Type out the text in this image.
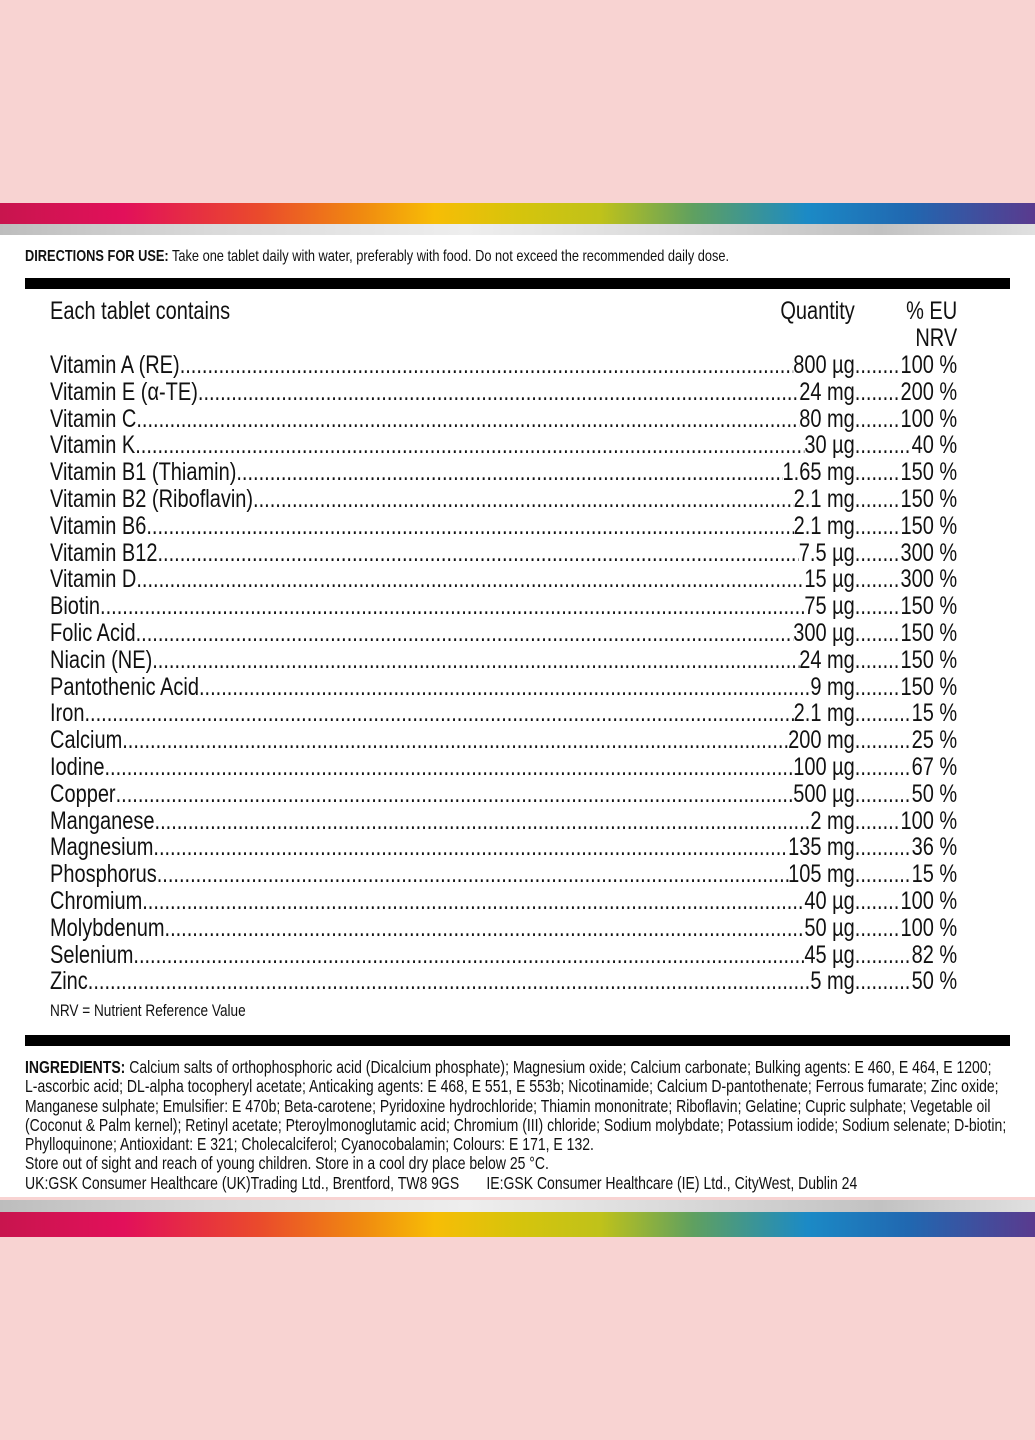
DIRECTIONS FOR USE: Take one tablet daily with water, preferably with food. Do not exceed the recommended daily dose.
Each tablet contains	Quantity	% EU
NRV
Vitamin A (RE) .....	800 µg ..... 100 %
Vitamin E (α-TE) .....	24 mg ..... 200 %
Vitamin C .....	80 mg ..... 100 %
Vitamin K .....	30 µg ..... 40 %
Vitamin B1 (Thiamin) .....	1.65 mg ..... 150 %
Vitamin B2 (Riboflavin) .....	2.1 mg ..... 150 %
Vitamin B6 .....	2.1 mg ..... 150 %
Vitamin B12 .....	7.5 µg ..... 300 %
Vitamin D .....	15 µg ..... 300 %
Biotin .....	75 µg ..... 150 %
Folic Acid .....	300 µg ..... 150 %
Niacin (NE) .....	24 mg ..... 150 %
Pantothenic Acid .....	9 mg ..... 150 %
Iron .....	2.1 mg ..... 15 %
Calcium .....	200 mg ..... 25 %
Iodine .....	100 µg ..... 67 %
Copper .....	500 µg ..... 50 %
Manganese .....	2 mg ..... 100 %
Magnesium .....	135 mg ..... 36 %
Phosphorus .....	105 mg ..... 15 %
Chromium .....	40 µg ..... 100 %
Molybdenum .....	50 µg ..... 100 %
Selenium .....	45 µg ..... 82 %
Zinc .....	5 mg ..... 50 %
NRV = Nutrient Reference Value
INGREDIENTS: Calcium salts of orthophosphoric acid (Dicalcium phosphate); Magnesium oxide; Calcium carbonate; Bulking agents: E 460, E 464, E 1200;
L-ascorbic acid; DL-alpha tocopheryl acetate; Anticaking agents: E 468, E 551, E 553b; Nicotinamide; Calcium D-pantothenate; Ferrous fumarate; Zinc oxide;
Manganese sulphate; Emulsifier: E 470b; Beta-carotene; Pyridoxine hydrochloride; Thiamin mononitrate; Riboflavin; Gelatine; Cupric sulphate; Vegetable oil
(Coconut & Palm kernel); Retinyl acetate; Pteroylmonoglutamic acid; Chromium (III) chloride; Sodium molybdate; Potassium iodide; Sodium selenate; D-biotin;
Phylloquinone; Antioxidant: E 321; Cholecalciferol; Cyanocobalamin; Colours: E 171, E 132.
Store out of sight and reach of young children. Store in a cool dry place below 25 °C.
UK:GSK Consumer Healthcare (UK)Trading Ltd., Brentford, TW8 9GS IE:GSK Consumer Healthcare (IE) Ltd., CityWest, Dublin 24
